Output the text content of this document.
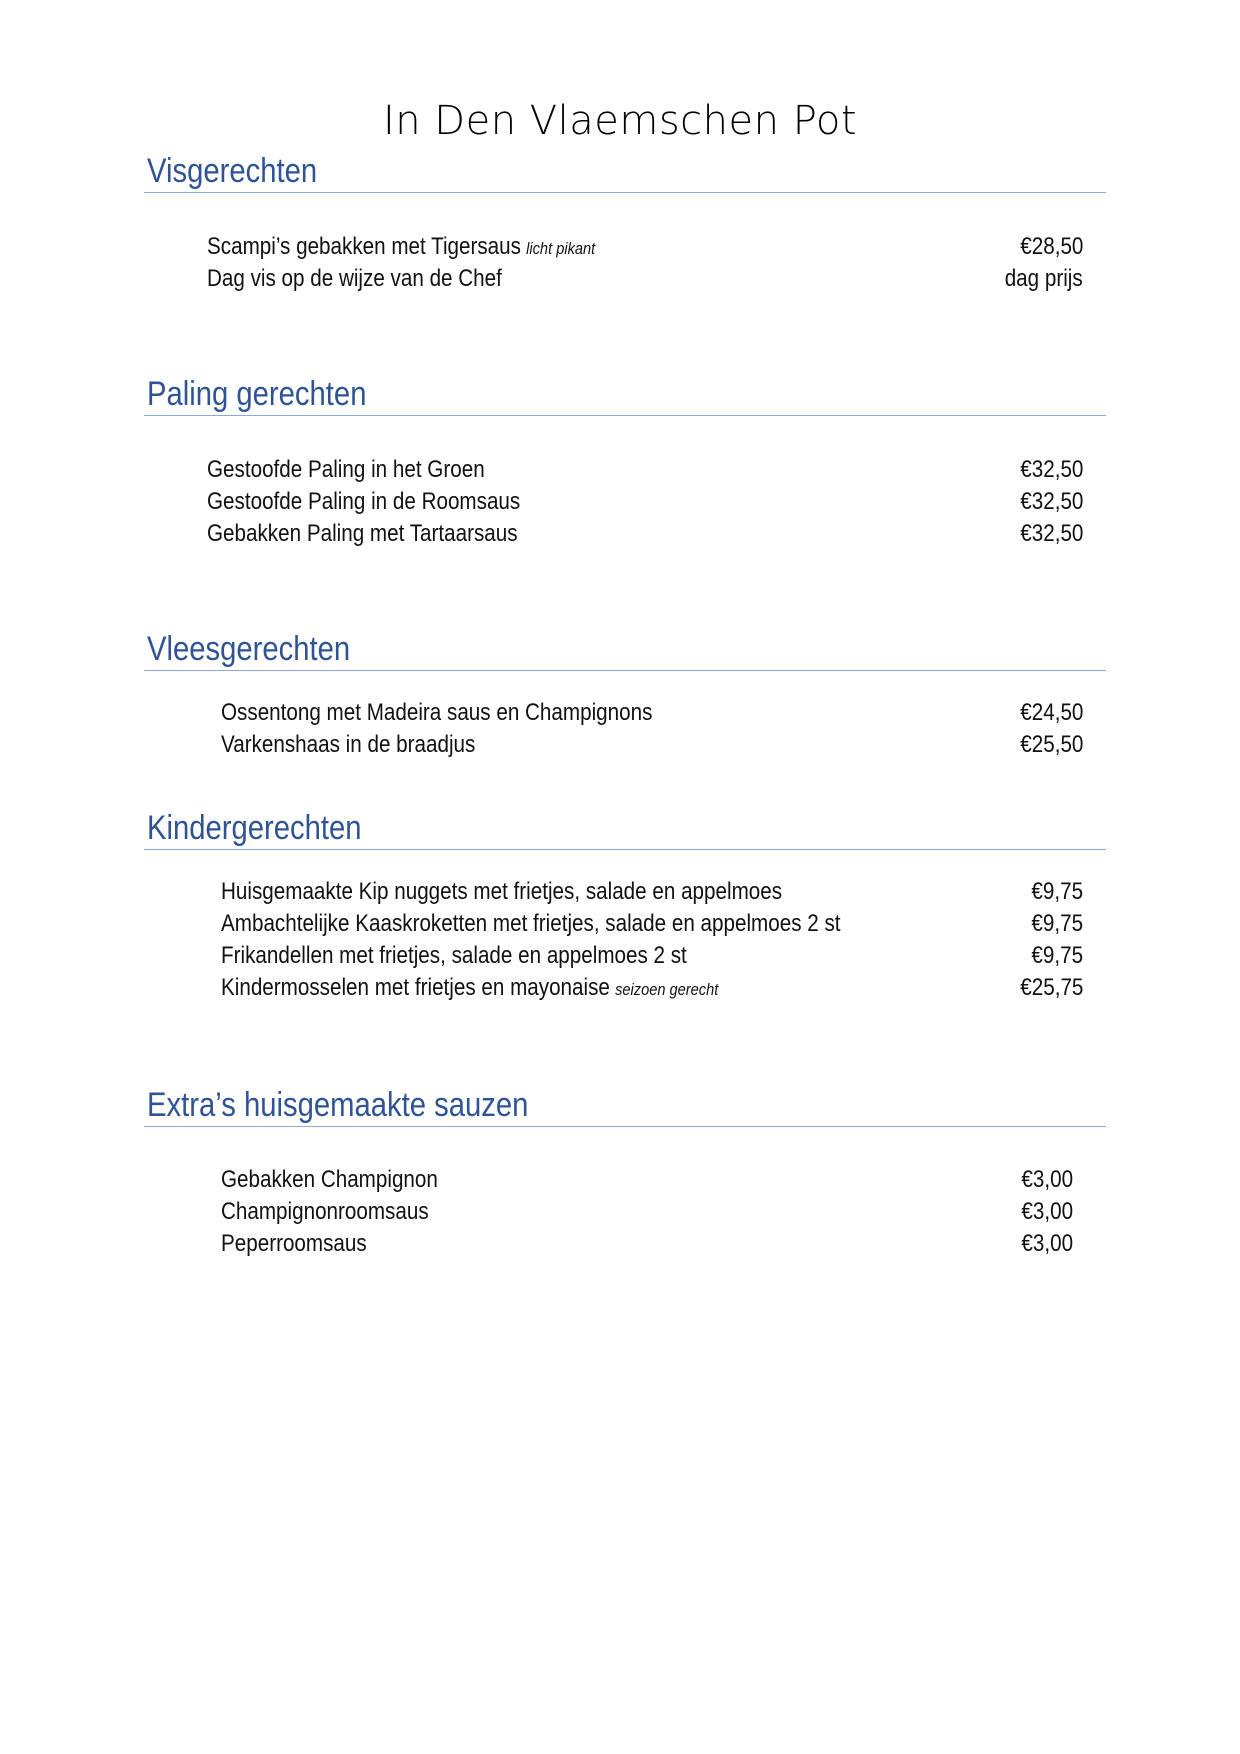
In Den Vlaemschen Pot
Visgerechten
Scampi’s gebakken met Tigersaus licht pikant	€28,50
Dag vis op de wijze van de Chef	dag prijs
Paling gerechten
Gestoofde Paling in het Groen	€32,50
Gestoofde Paling in de Roomsaus	€32,50
Gebakken Paling met Tartaarsaus	€32,50
Vleesgerechten
Ossentong met Madeira saus en Champignons	€24,50
Varkenshaas in de braadjus	€25,50
Kindergerechten
Huisgemaakte Kip nuggets met frietjes, salade en appelmoes	€9,75
Ambachtelijke Kaaskroketten met frietjes, salade en appelmoes 2 st	€9,75
Frikandellen met frietjes, salade en appelmoes 2 st	€9,75
Kindermosselen met frietjes en mayonaise seizoen gerecht	€25,75
Extra’s huisgemaakte sauzen
Gebakken Champignon	€3,00
Champignonroomsaus	€3,00
Peperroomsaus	€3,00
